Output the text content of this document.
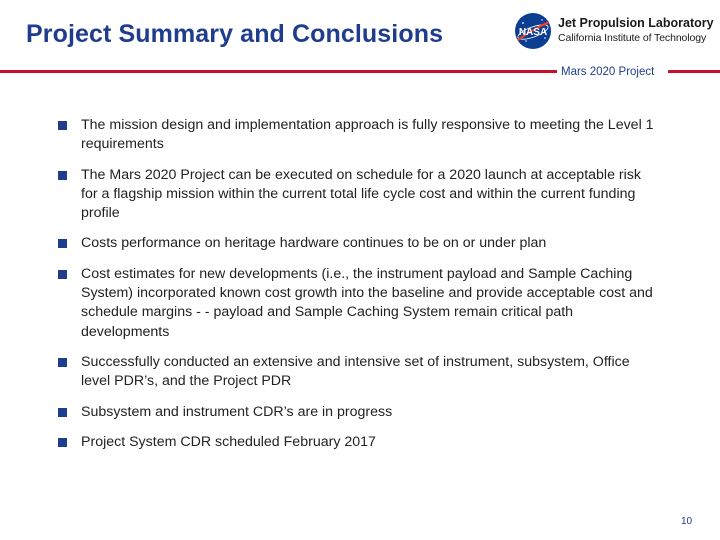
Project Summary and Conclusions	NASA
Jet Propulsion Laboratory
California Institute of Technology
Mars 2020 Project
The mission design and implementation approach is fully responsive to meeting the Level 1 requirements
The Mars 2020 Project can be executed on schedule for a 2020 launch at acceptable risk for a flagship mission within the current total life cycle cost and within the current funding profile
Costs performance on heritage hardware continues to be on or under plan
Cost estimates for new developments (i.e., the instrument payload and Sample Caching System) incorporated known cost growth into the baseline and provide acceptable cost and schedule margins - - payload and Sample Caching System remain critical path developments
Successfully conducted an extensive and intensive set of instrument, subsystem, Office level PDR’s, and the Project PDR
Subsystem and instrument CDR’s are in progress
Project System CDR scheduled February 2017
10
